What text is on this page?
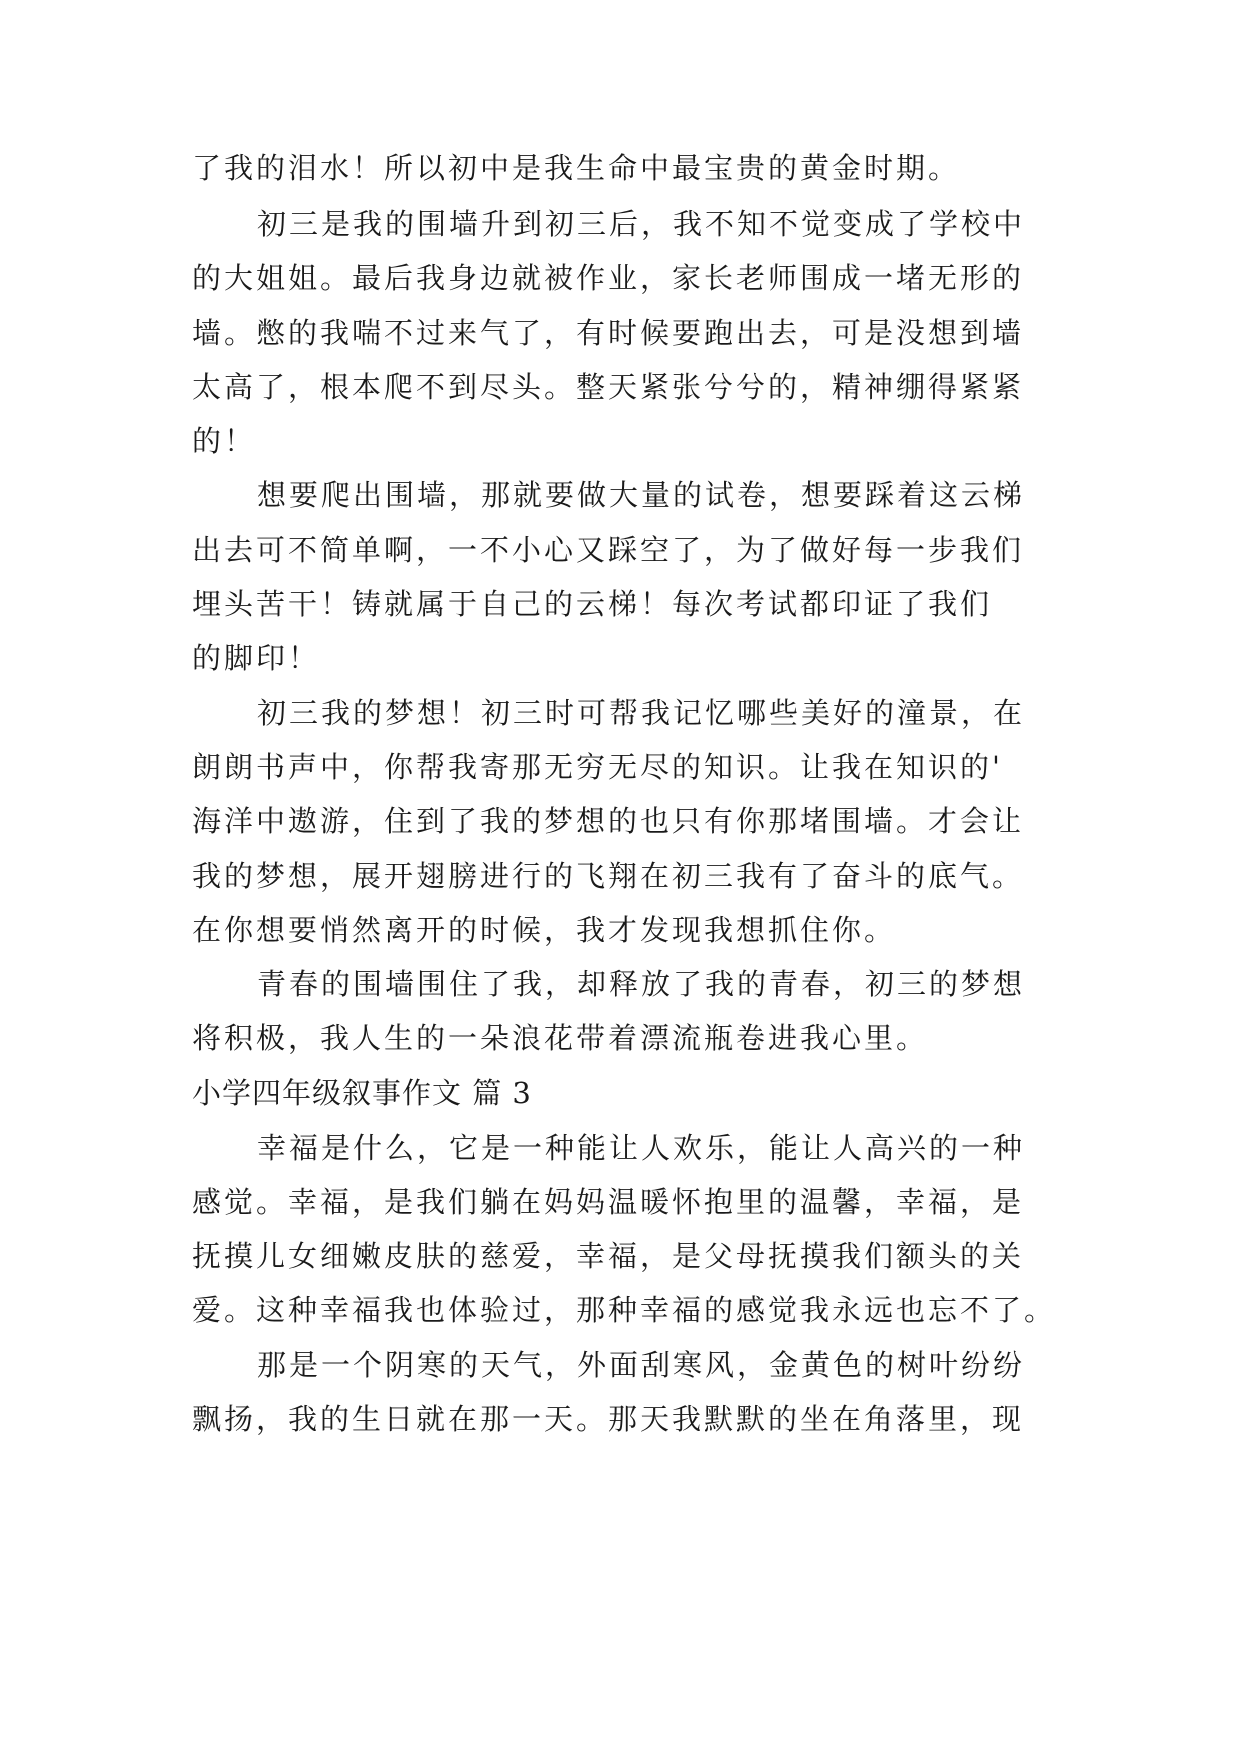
了我的泪水！所以初中是我生命中最宝贵的黄金时期。
初三是我的围墙升到初三后，我不知不觉变成了学校中
的大姐姐。最后我身边就被作业，家长老师围成一堵无形的
墙。憋的我喘不过来气了，有时候要跑出去，可是没想到墙
太高了，根本爬不到尽头。整天紧张兮兮的，精神绷得紧紧
的！
想要爬出围墙，那就要做大量的试卷，想要踩着这云梯
出去可不简单啊，一不小心又踩空了，为了做好每一步我们
埋头苦干！铸就属于自己的云梯！每次考试都印证了我们
的脚印！
初三我的梦想！初三时可帮我记忆哪些美好的潼景，在
朗朗书声中，你帮我寄那无穷无尽的知识。让我在知识的'
海洋中遨游，住到了我的梦想的也只有你那堵围墙。才会让
我的梦想，展开翅膀进行的飞翔在初三我有了奋斗的底气。
在你想要悄然离开的时候，我才发现我想抓住你。
青春的围墙围住了我，却释放了我的青春，初三的梦想
将积极，我人生的一朵浪花带着漂流瓶卷进我心里。
小学四年级叙事作文 篇 3
幸福是什么，它是一种能让人欢乐，能让人高兴的一种
感觉。幸福，是我们躺在妈妈温暖怀抱里的温馨，幸福，是
抚摸儿女细嫩皮肤的慈爱，幸福，是父母抚摸我们额头的关
爱。这种幸福我也体验过，那种幸福的感觉我永远也忘不了。
那是一个阴寒的天气，外面刮寒风，金黄色的树叶纷纷
飘扬，我的生日就在那一天。那天我默默的坐在角落里，现
